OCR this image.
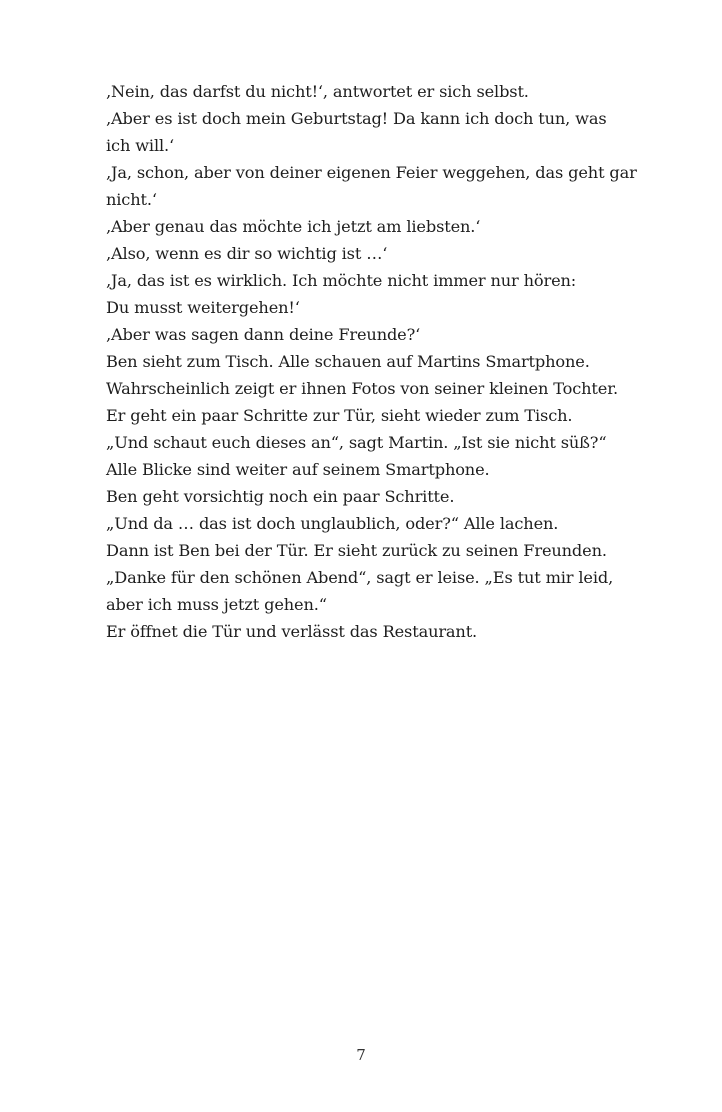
‚Nein, das darfst du nicht!‘, antwortet er sich selbst.
‚Aber es ist doch mein Geburtstag! Da kann ich doch tun, was
ich will.‘
‚Ja, schon, aber von deiner eigenen Feier weggehen, das geht gar
nicht.‘
‚Aber genau das möchte ich jetzt am liebsten.‘
‚Also, wenn es dir so wichtig ist …‘
‚Ja, das ist es wirklich. Ich möchte nicht immer nur hören:
Du musst weitergehen!‘
‚Aber was sagen dann deine Freunde?‘
Ben sieht zum Tisch. Alle schauen auf Martins Smartphone.
Wahrscheinlich zeigt er ihnen Fotos von seiner kleinen Tochter.
Er geht ein paar Schritte zur Tür, sieht wieder zum Tisch.
„Und schaut euch dieses an“, sagt Martin. „Ist sie nicht süß?“
Alle Blicke sind weiter auf seinem Smartphone.
Ben geht vorsichtig noch ein paar Schritte.
„Und da … das ist doch unglaublich, oder?“ Alle lachen.
Dann ist Ben bei der Tür. Er sieht zurück zu seinen Freunden.
„Danke für den schönen Abend“, sagt er leise. „Es tut mir leid,
aber ich muss jetzt gehen.“
Er öffnet die Tür und verlässt das Restaurant.
7
